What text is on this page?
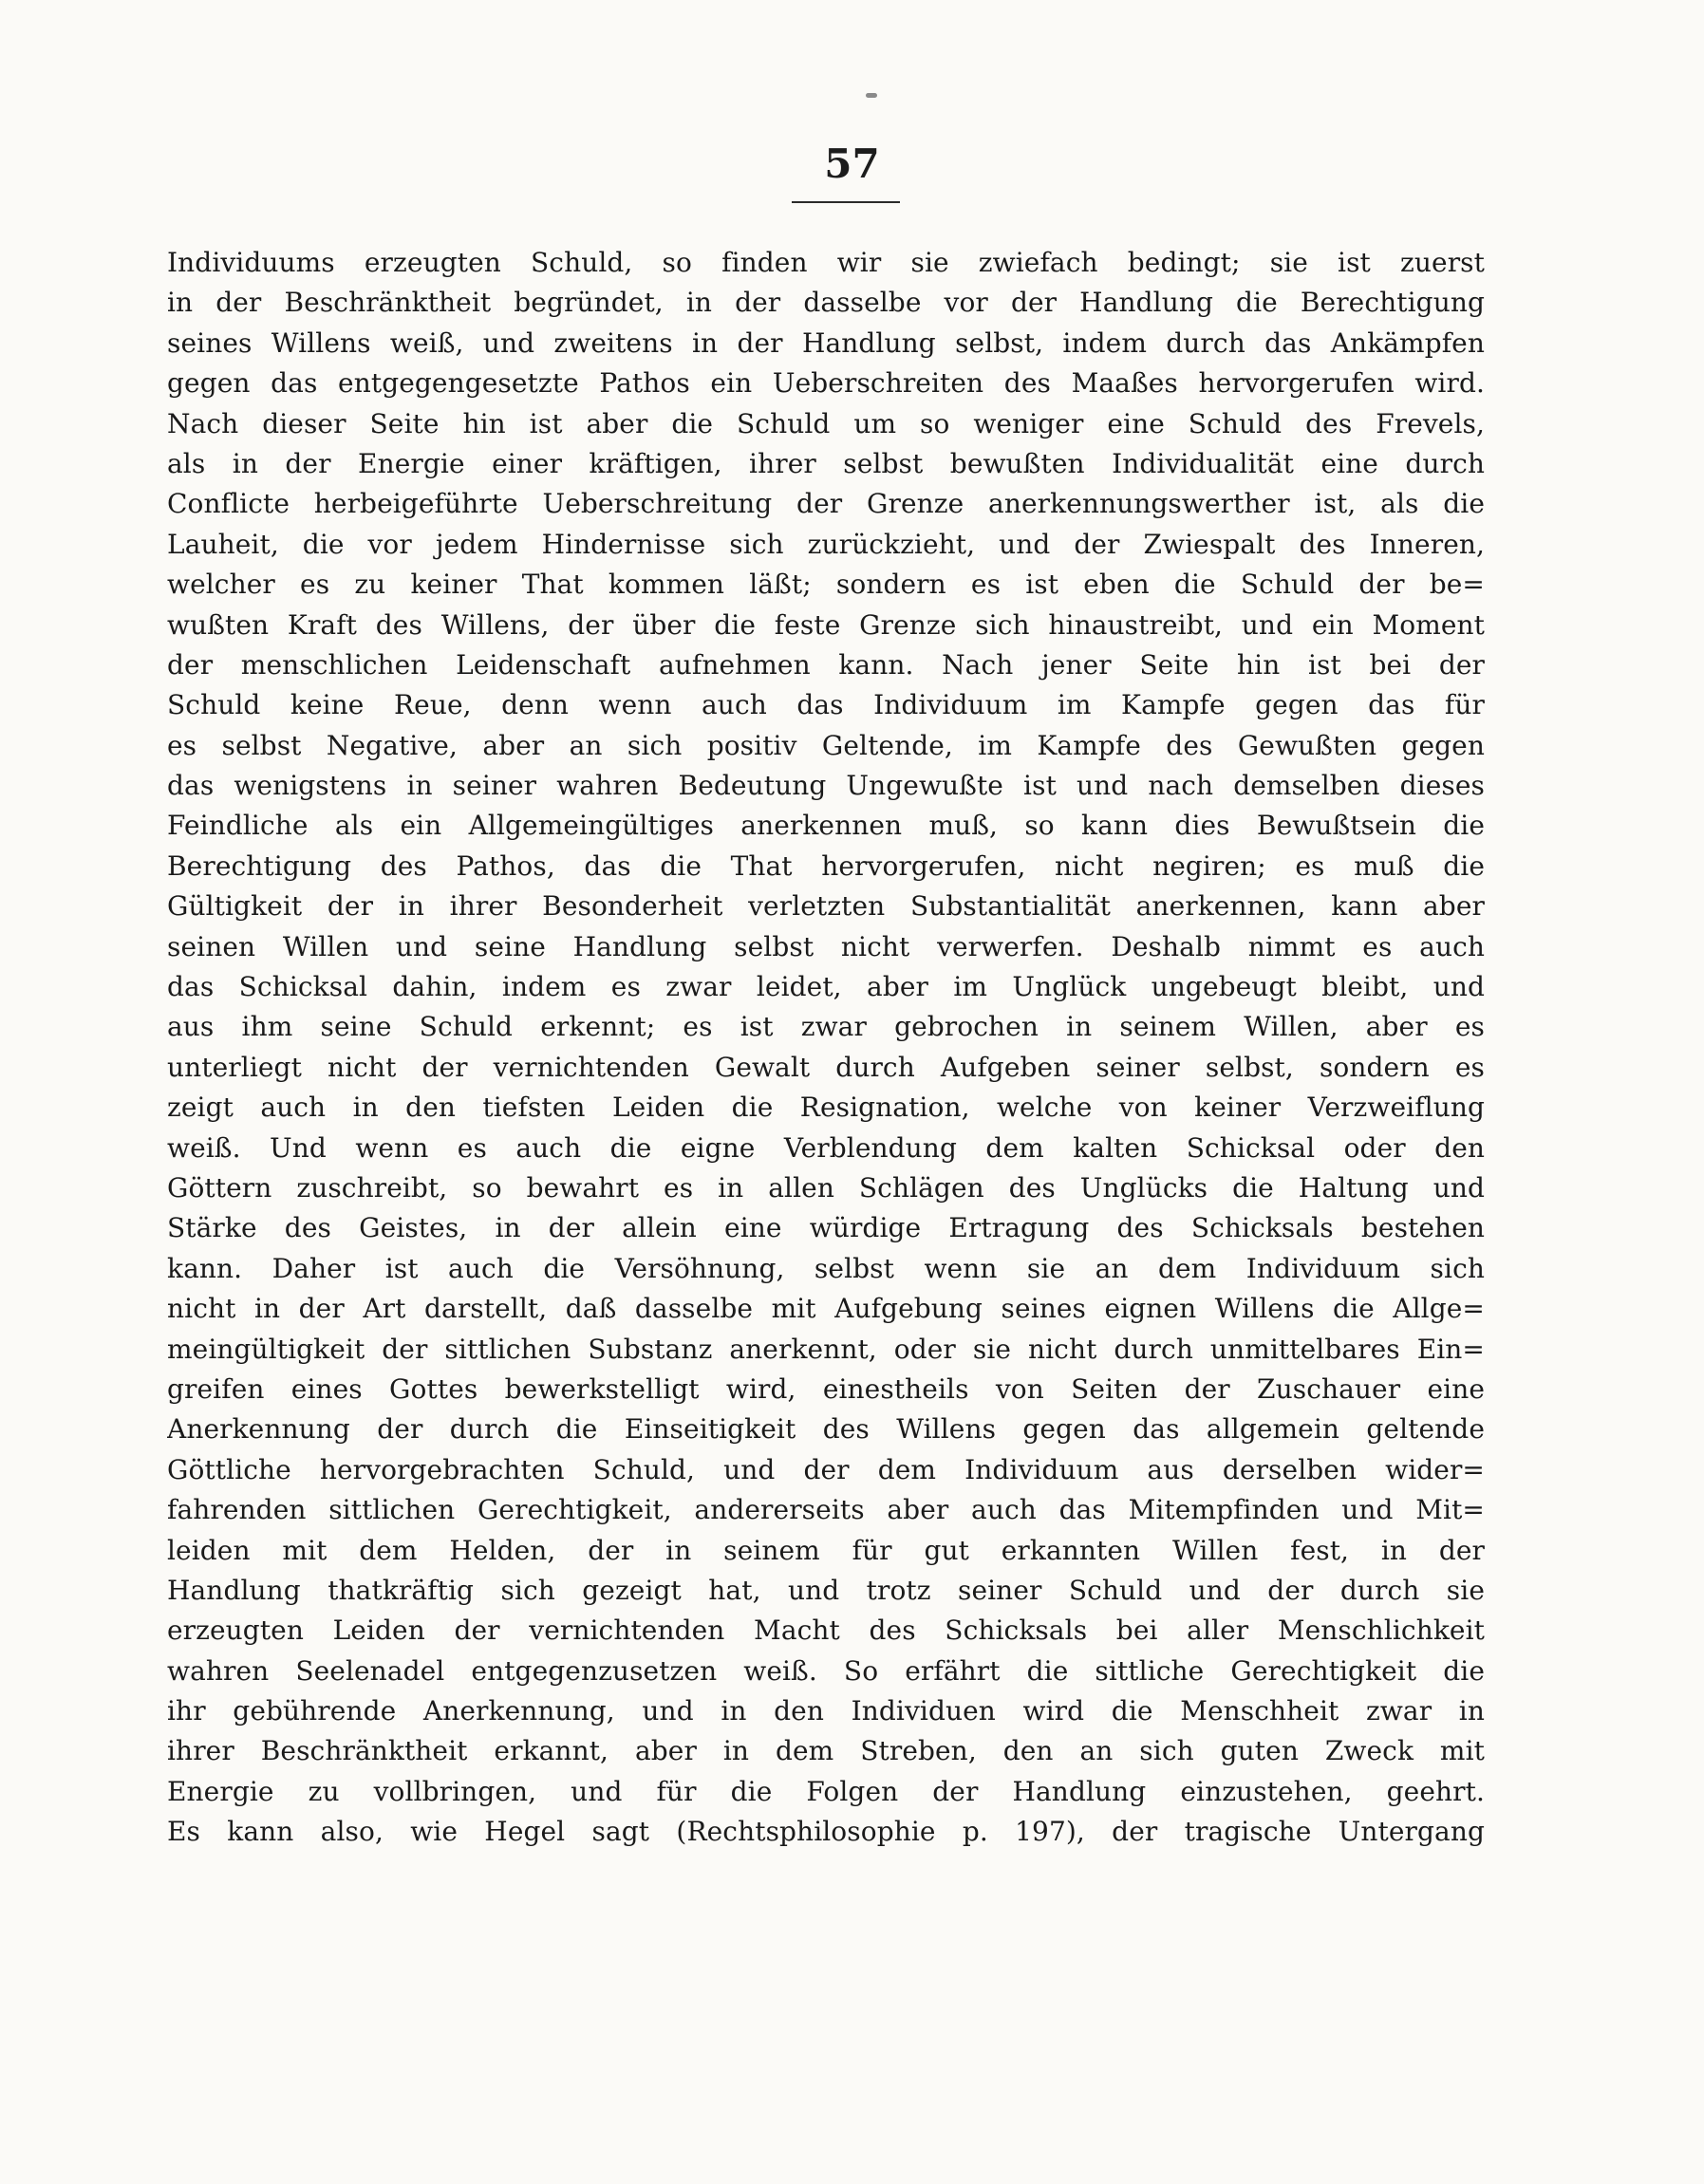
57
Individuums erzeugten Schuld, so finden wir sie zwiefach bedingt; sie ist zuerst
in der Beschränktheit begründet, in der dasselbe vor der Handlung die Berechtigung
seines Willens weiß, und zweitens in der Handlung selbst, indem durch das Ankämpfen
gegen das entgegengesetzte Pathos ein Ueberschreiten des Maaßes hervorgerufen wird.
Nach dieser Seite hin ist aber die Schuld um so weniger eine Schuld des Frevels,
als in der Energie einer kräftigen, ihrer selbst bewußten Individualität eine durch
Conflicte herbeigeführte Ueberschreitung der Grenze anerkennungswerther ist, als die
Lauheit, die vor jedem Hindernisse sich zurückzieht, und der Zwiespalt des Inneren,
welcher es zu keiner That kommen läßt; sondern es ist eben die Schuld der be=
wußten Kraft des Willens, der über die feste Grenze sich hinaustreibt, und ein Moment
der menschlichen Leidenschaft aufnehmen kann. Nach jener Seite hin ist bei der
Schuld keine Reue, denn wenn auch das Individuum im Kampfe gegen das für
es selbst Negative, aber an sich positiv Geltende, im Kampfe des Gewußten gegen
das wenigstens in seiner wahren Bedeutung Ungewußte ist und nach demselben dieses
Feindliche als ein Allgemeingültiges anerkennen muß, so kann dies Bewußtsein die
Berechtigung des Pathos, das die That hervorgerufen, nicht negiren; es muß die
Gültigkeit der in ihrer Besonderheit verletzten Substantialität anerkennen, kann aber
seinen Willen und seine Handlung selbst nicht verwerfen. Deshalb nimmt es auch
das Schicksal dahin, indem es zwar leidet, aber im Unglück ungebeugt bleibt, und
aus ihm seine Schuld erkennt; es ist zwar gebrochen in seinem Willen, aber es
unterliegt nicht der vernichtenden Gewalt durch Aufgeben seiner selbst, sondern es
zeigt auch in den tiefsten Leiden die Resignation, welche von keiner Verzweiflung
weiß. Und wenn es auch die eigne Verblendung dem kalten Schicksal oder den
Göttern zuschreibt, so bewahrt es in allen Schlägen des Unglücks die Haltung und
Stärke des Geistes, in der allein eine würdige Ertragung des Schicksals bestehen
kann. Daher ist auch die Versöhnung, selbst wenn sie an dem Individuum sich
nicht in der Art darstellt, daß dasselbe mit Aufgebung seines eignen Willens die Allge=
meingültigkeit der sittlichen Substanz anerkennt, oder sie nicht durch unmittelbares Ein=
greifen eines Gottes bewerkstelligt wird, einestheils von Seiten der Zuschauer eine
Anerkennung der durch die Einseitigkeit des Willens gegen das allgemein geltende
Göttliche hervorgebrachten Schuld, und der dem Individuum aus derselben wider=
fahrenden sittlichen Gerechtigkeit, andererseits aber auch das Mitempfinden und Mit=
leiden mit dem Helden, der in seinem für gut erkannten Willen fest, in der
Handlung thatkräftig sich gezeigt hat, und trotz seiner Schuld und der durch sie
erzeugten Leiden der vernichtenden Macht des Schicksals bei aller Menschlichkeit
wahren Seelenadel entgegenzusetzen weiß. So erfährt die sittliche Gerechtigkeit die
ihr gebührende Anerkennung, und in den Individuen wird die Menschheit zwar in
ihrer Beschränktheit erkannt, aber in dem Streben, den an sich guten Zweck mit
Energie zu vollbringen, und für die Folgen der Handlung einzustehen, geehrt.
Es kann also, wie Hegel sagt (Rechtsphilosophie p. 197), der tragische Untergang
